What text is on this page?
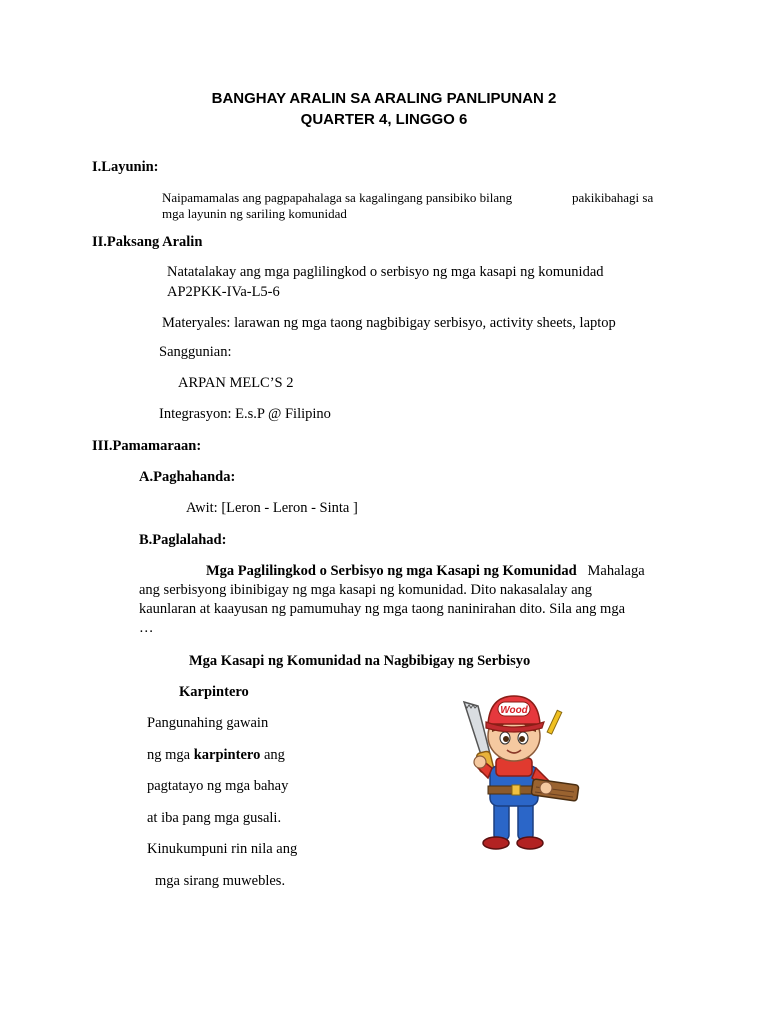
BANGHAY ARALIN SA ARALING PANLIPUNAN 2
QUARTER 4, LINGGO 6
I.Layunin:
Naipamamalas ang pagpapahalaga sa kagalingang pansibiko bilang	pakikibahagi sa
mga layunin ng sariling komunidad
II.Paksang Aralin
Natatalakay ang mga paglilingkod o serbisyo ng mga kasapi ng komunidad
AP2PKK-IVa-L5-6
Materyales: larawan ng mga taong nagbibigay serbisyo, activity sheets, laptop
Sanggunian:
ARPAN MELC’S 2
Integrasyon: E.s.P @ Filipino
III.Pamamaraan:
A.Paghahanda:
Awit: [Leron - Leron - Sinta ]
B.Paglalahad:
Mga Paglilingkod o Serbisyo ng mga Kasapi ng Komunidad Mahalaga
ang serbisyong ibinibigay ng mga kasapi ng komunidad. Dito nakasalalay ang
kaunlaran at kaayusan ng pamumuhay ng mga taong naninirahan dito. Sila ang mga
…
Mga Kasapi ng Komunidad na Nagbibigay ng Serbisyo
Karpintero
Pangunahing gawain
ng mga karpintero ang
pagtatayo ng mga bahay
at iba pang mga gusali.
Kinukumpuni rin nila ang
mga sirang muwebles.
Wood
